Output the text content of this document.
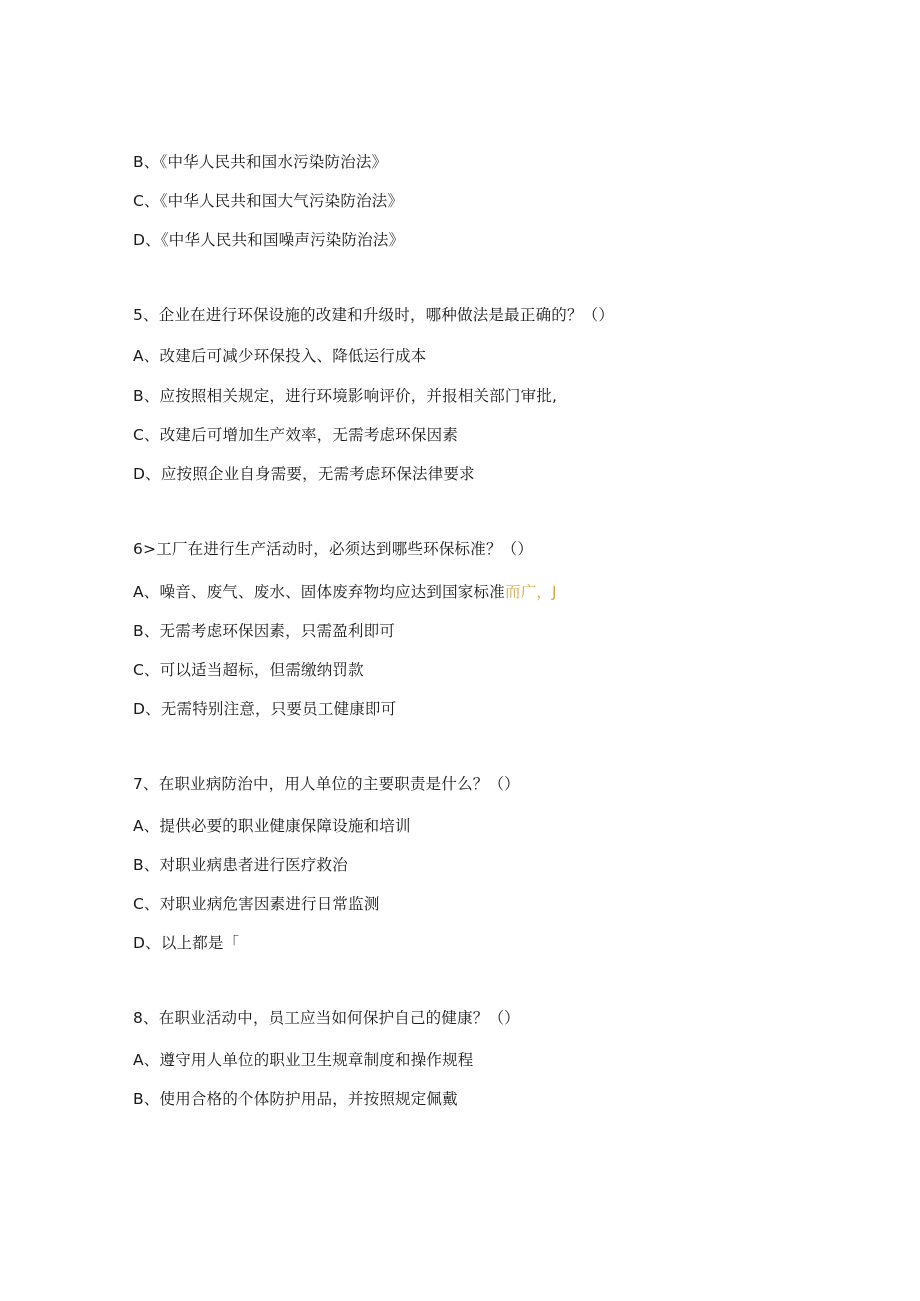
B、《中华人民共和国水污染防治法》
C、《中华人民共和国大气污染防治法》
D、《中华人民共和国噪声污染防治法》
5、企业在进行环保设施的改建和升级时，哪种做法是最正确的？（）
A、改建后可减少环保投入、降低运行成本
B、应按照相关规定，进行环境影响评价，并报相关部门审批,
C、改建后可增加生产效率，无需考虑环保因素
D、应按照企业自身需要，无需考虑环保法律要求
6>工厂在进行生产活动时，必须达到哪些环保标准？（）
A、噪音、废气、废水、固体废弃物均应达到国家标准而广，J
B、无需考虑环保因素，只需盈利即可
C、可以适当超标，但需缴纳罚款
D、无需特别注意，只要员工健康即可
7、在职业病防治中，用人单位的主要职责是什么？（）
A、提供必要的职业健康保障设施和培训
B、对职业病患者进行医疗救治
C、对职业病危害因素进行日常监测
D、以上都是「
8、在职业活动中，员工应当如何保护自己的健康？（）
A、遵守用人单位的职业卫生规章制度和操作规程
B、使用合格的个体防护用品，并按照规定佩戴
